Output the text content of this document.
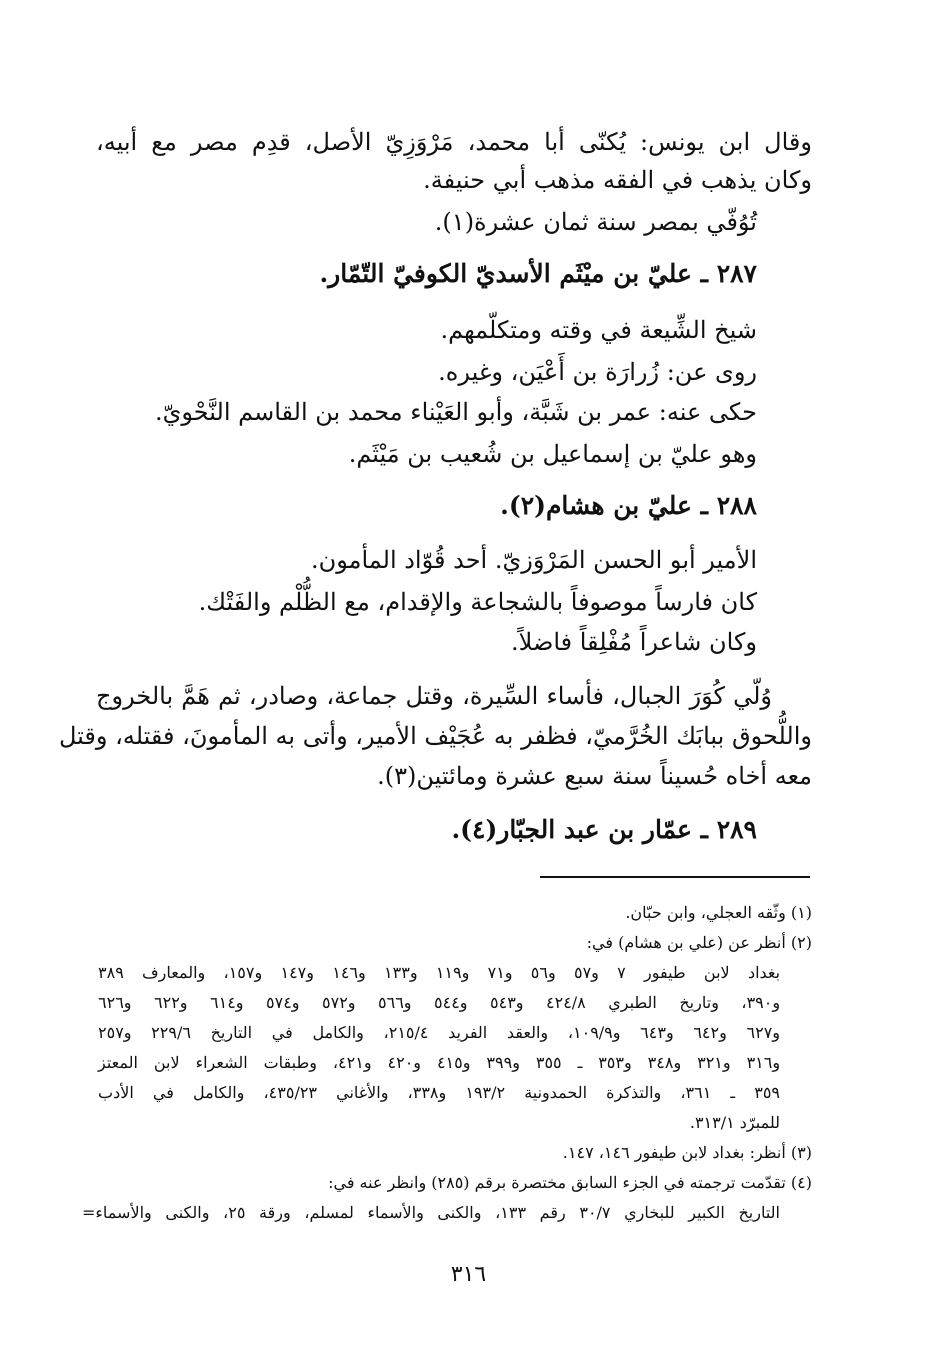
وقال ابن يونس: يُكنّى أبا محمد، مَرْوَزِيّ الأصل، قدِم مصر مع أبيه،
وكان يذهب في الفقه مذهب أبي حنيفة.
تُوُفّي بمصر سنة ثمان عشرة(١).
٢٨٧ ـ عليّ بن ميْثَم الأسديّ الكوفيّ التّمّار.
شيخ الشِّيعة في وقته ومتكلّمهم.
روى عن: زُرارَة بن أَعْيَن، وغيره.
حكى عنه: عمر بن شَبَّة، وأبو العَيْناء محمد بن القاسم النَّحْويّ.
وهو عليّ بن إسماعيل بن شُعيب بن مَيْثَم.
٢٨٨ ـ عليّ بن هشام(٢).
الأمير أبو الحسن المَرْوَزيّ. أحد قُوّاد المأمون.
كان فارساً موصوفاً بالشجاعة والإقدام، مع الظُّلْم والفَتْك.
وكان شاعراً مُفْلِقاً فاضلاً.
وُلّي كُوَرَ الجبال، فأساء السِّيرة، وقتل جماعة، وصادر، ثم هَمَّ بالخروج
واللُّحوق ببابَك الخُرَّميّ، فظفر به عُجَيْف الأمير، وأتى به المأمونَ، فقتله، وقتل
معه أخاه حُسيناً سنة سبع عشرة ومائتين(٣).
٢٨٩ ـ عمّار بن عبد الجبّار(٤).
(١) وثّقه العجلي، وابن حبّان.
(٢) أنظر عن (علي بن هشام) في:
بغداد لابن طيفور ٧ و٥٧ و٥٦ و٧١ و١١٩ و١٣٣ و١٤٦ و١٤٧ و١٥٧، والمعارف ٣٨٩
و٣٩٠، وتاريخ الطبري ٤٢٤/٨ و٥٤٣ و٥٤٤ و٥٦٦ و٥٧٢ و٥٧٤ و٦١٤ و٦٢٢ و٦٢٦
و٦٢٧ و٦٤٢ و٦٤٣ و١٠٩/٩، والعقد الفريد ٢١٥/٤، والكامل في التاريخ ٢٢٩/٦ و٢٥٧
و٣١٦ و٣٢١ و٣٤٨ و٣٥٣ ـ ٣٥٥ و٣٩٩ و٤١٥ و٤٢٠ و٤٢١، وطبقات الشعراء لابن المعتز
٣٥٩ ـ ٣٦١، والتذكرة الحمدونية ١٩٣/٢ و٣٣٨، والأغاني ٤٣٥/٢٣، والكامل في الأدب
للمبرّد ٣١٣/١.
(٣) أنظر: بغداد لابن طيفور ١٤٦، ١٤٧.
(٤) تقدّمت ترجمته في الجزء السابق مختصرة برقم (٢٨٥) وانظر عنه في:
التاريخ الكبير للبخاري ٣٠/٧ رقم ١٣٣، والكنى والأسماء لمسلم، ورقة ٢٥، والكنى والأسماء=
٣١٦
